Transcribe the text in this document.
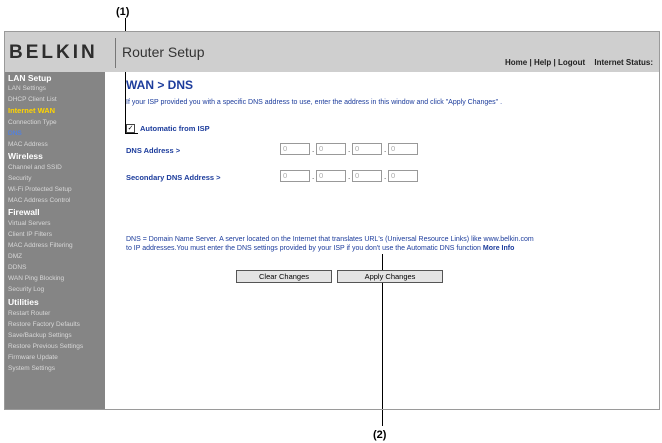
(1)
(2)
BELKIN Router Setup
Home | Help | Logout Internet Status:
LAN Setup
LAN Settings
DHCP Client List
Internet WAN
Connection Type
DNS
MAC Address
Wireless
Channel and SSID
Security
Wi-Fi Protected Setup
MAC Address Control
Firewall
Virtual Servers
Client IP Filters
MAC Address Filtering
DMZ
DDNS
WAN Ping Blocking
Security Log
Utilities
Restart Router
Restore Factory Defaults
Save/Backup Settings
Restore Previous Settings
Firmware Update
System Settings
WAN > DNS
If your ISP provided you with a specific DNS address to use, enter the address in this window and click "Apply Changes" .
✓ Automatic from ISP
DNS Address >	0	. 0	. 0	. 0
Secondary DNS Address >	0	. 0	. 0	. 0
DNS = Domain Name Server. A server located on the Internet that translates URL's (Universal Resource Links) like www.belkin.com to IP addresses.You must enter the DNS settings provided by your ISP if you don't use the Automatic DNS function More Info
Clear Changes	Apply Changes
